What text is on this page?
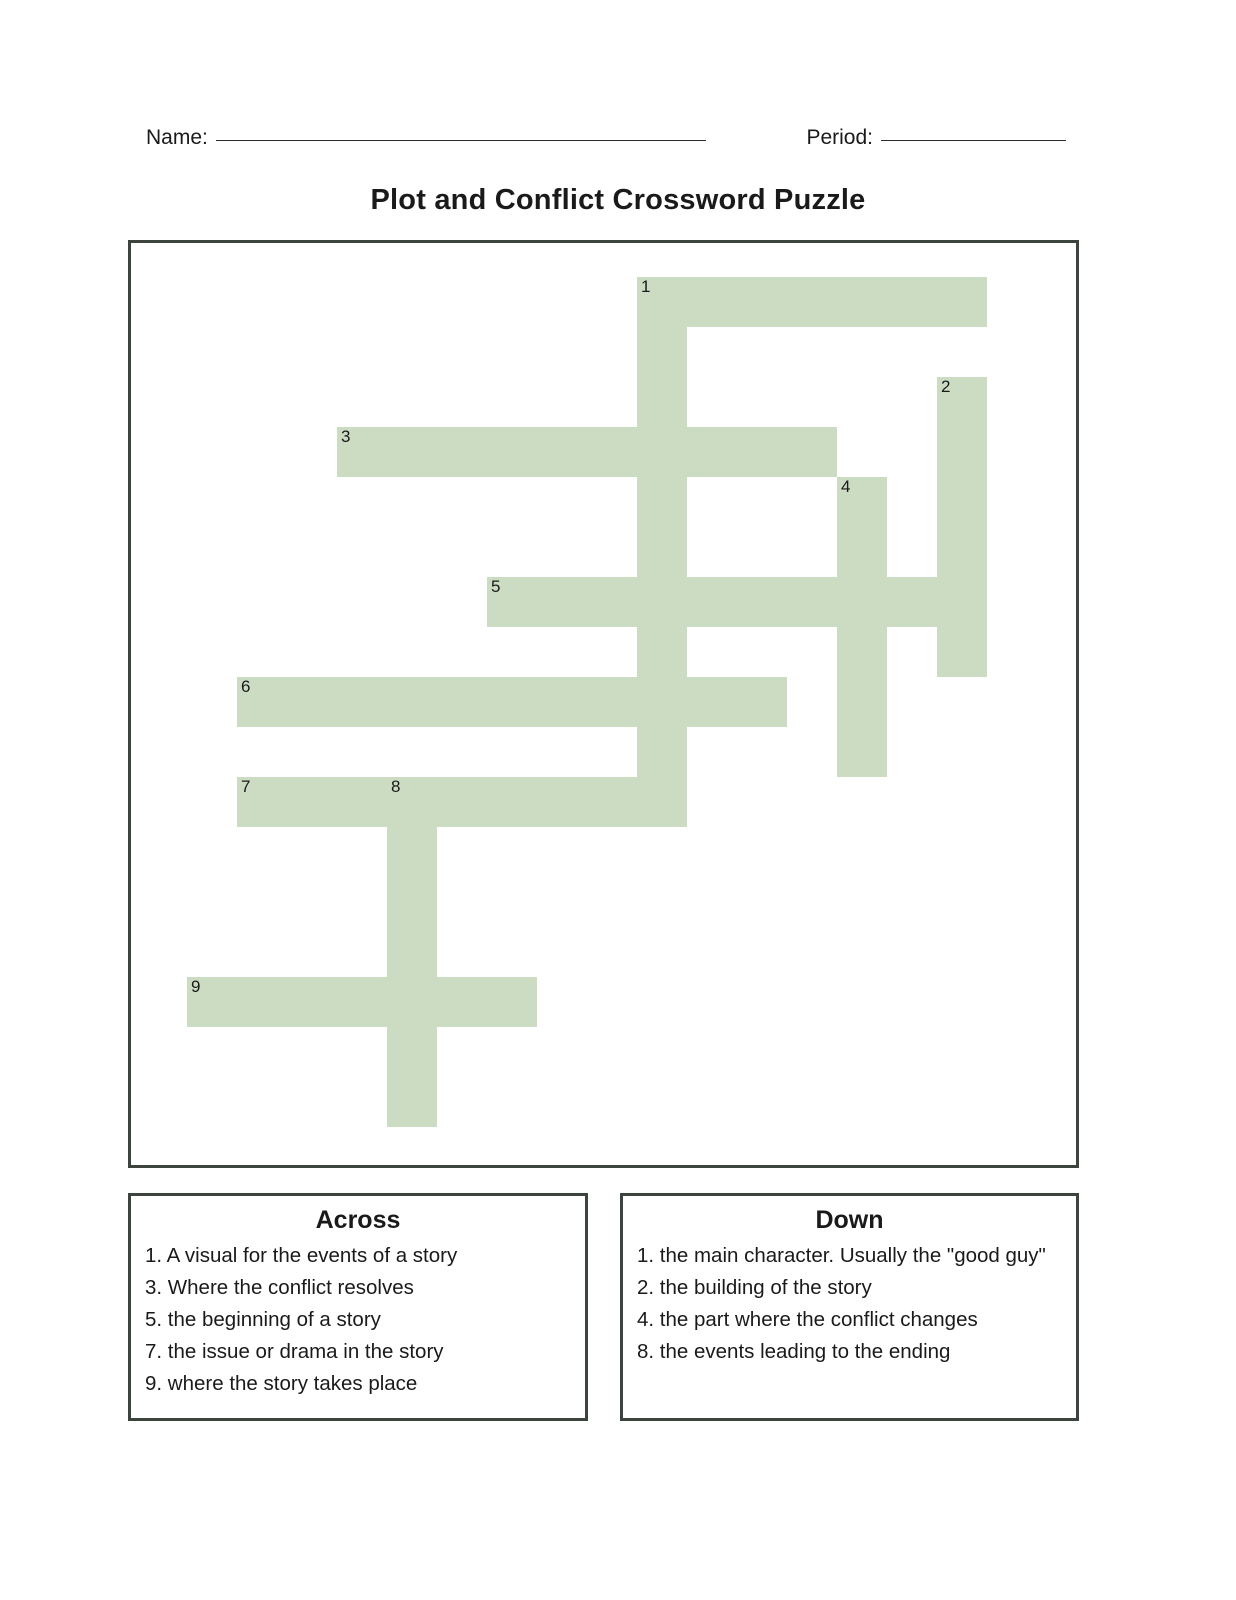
Name:	Period:
Plot and Conflict Crossword Puzzle
1
2
3
4
5
6
7	8
9
Across
1. A visual for the events of a story
3. Where the conflict resolves
5. the beginning of a story
7. the issue or drama in the story
9. where the story takes place
Down
1. the main character. Usually the "good guy"
2. the building of the story
4. the part where the conflict changes
8. the events leading to the ending
